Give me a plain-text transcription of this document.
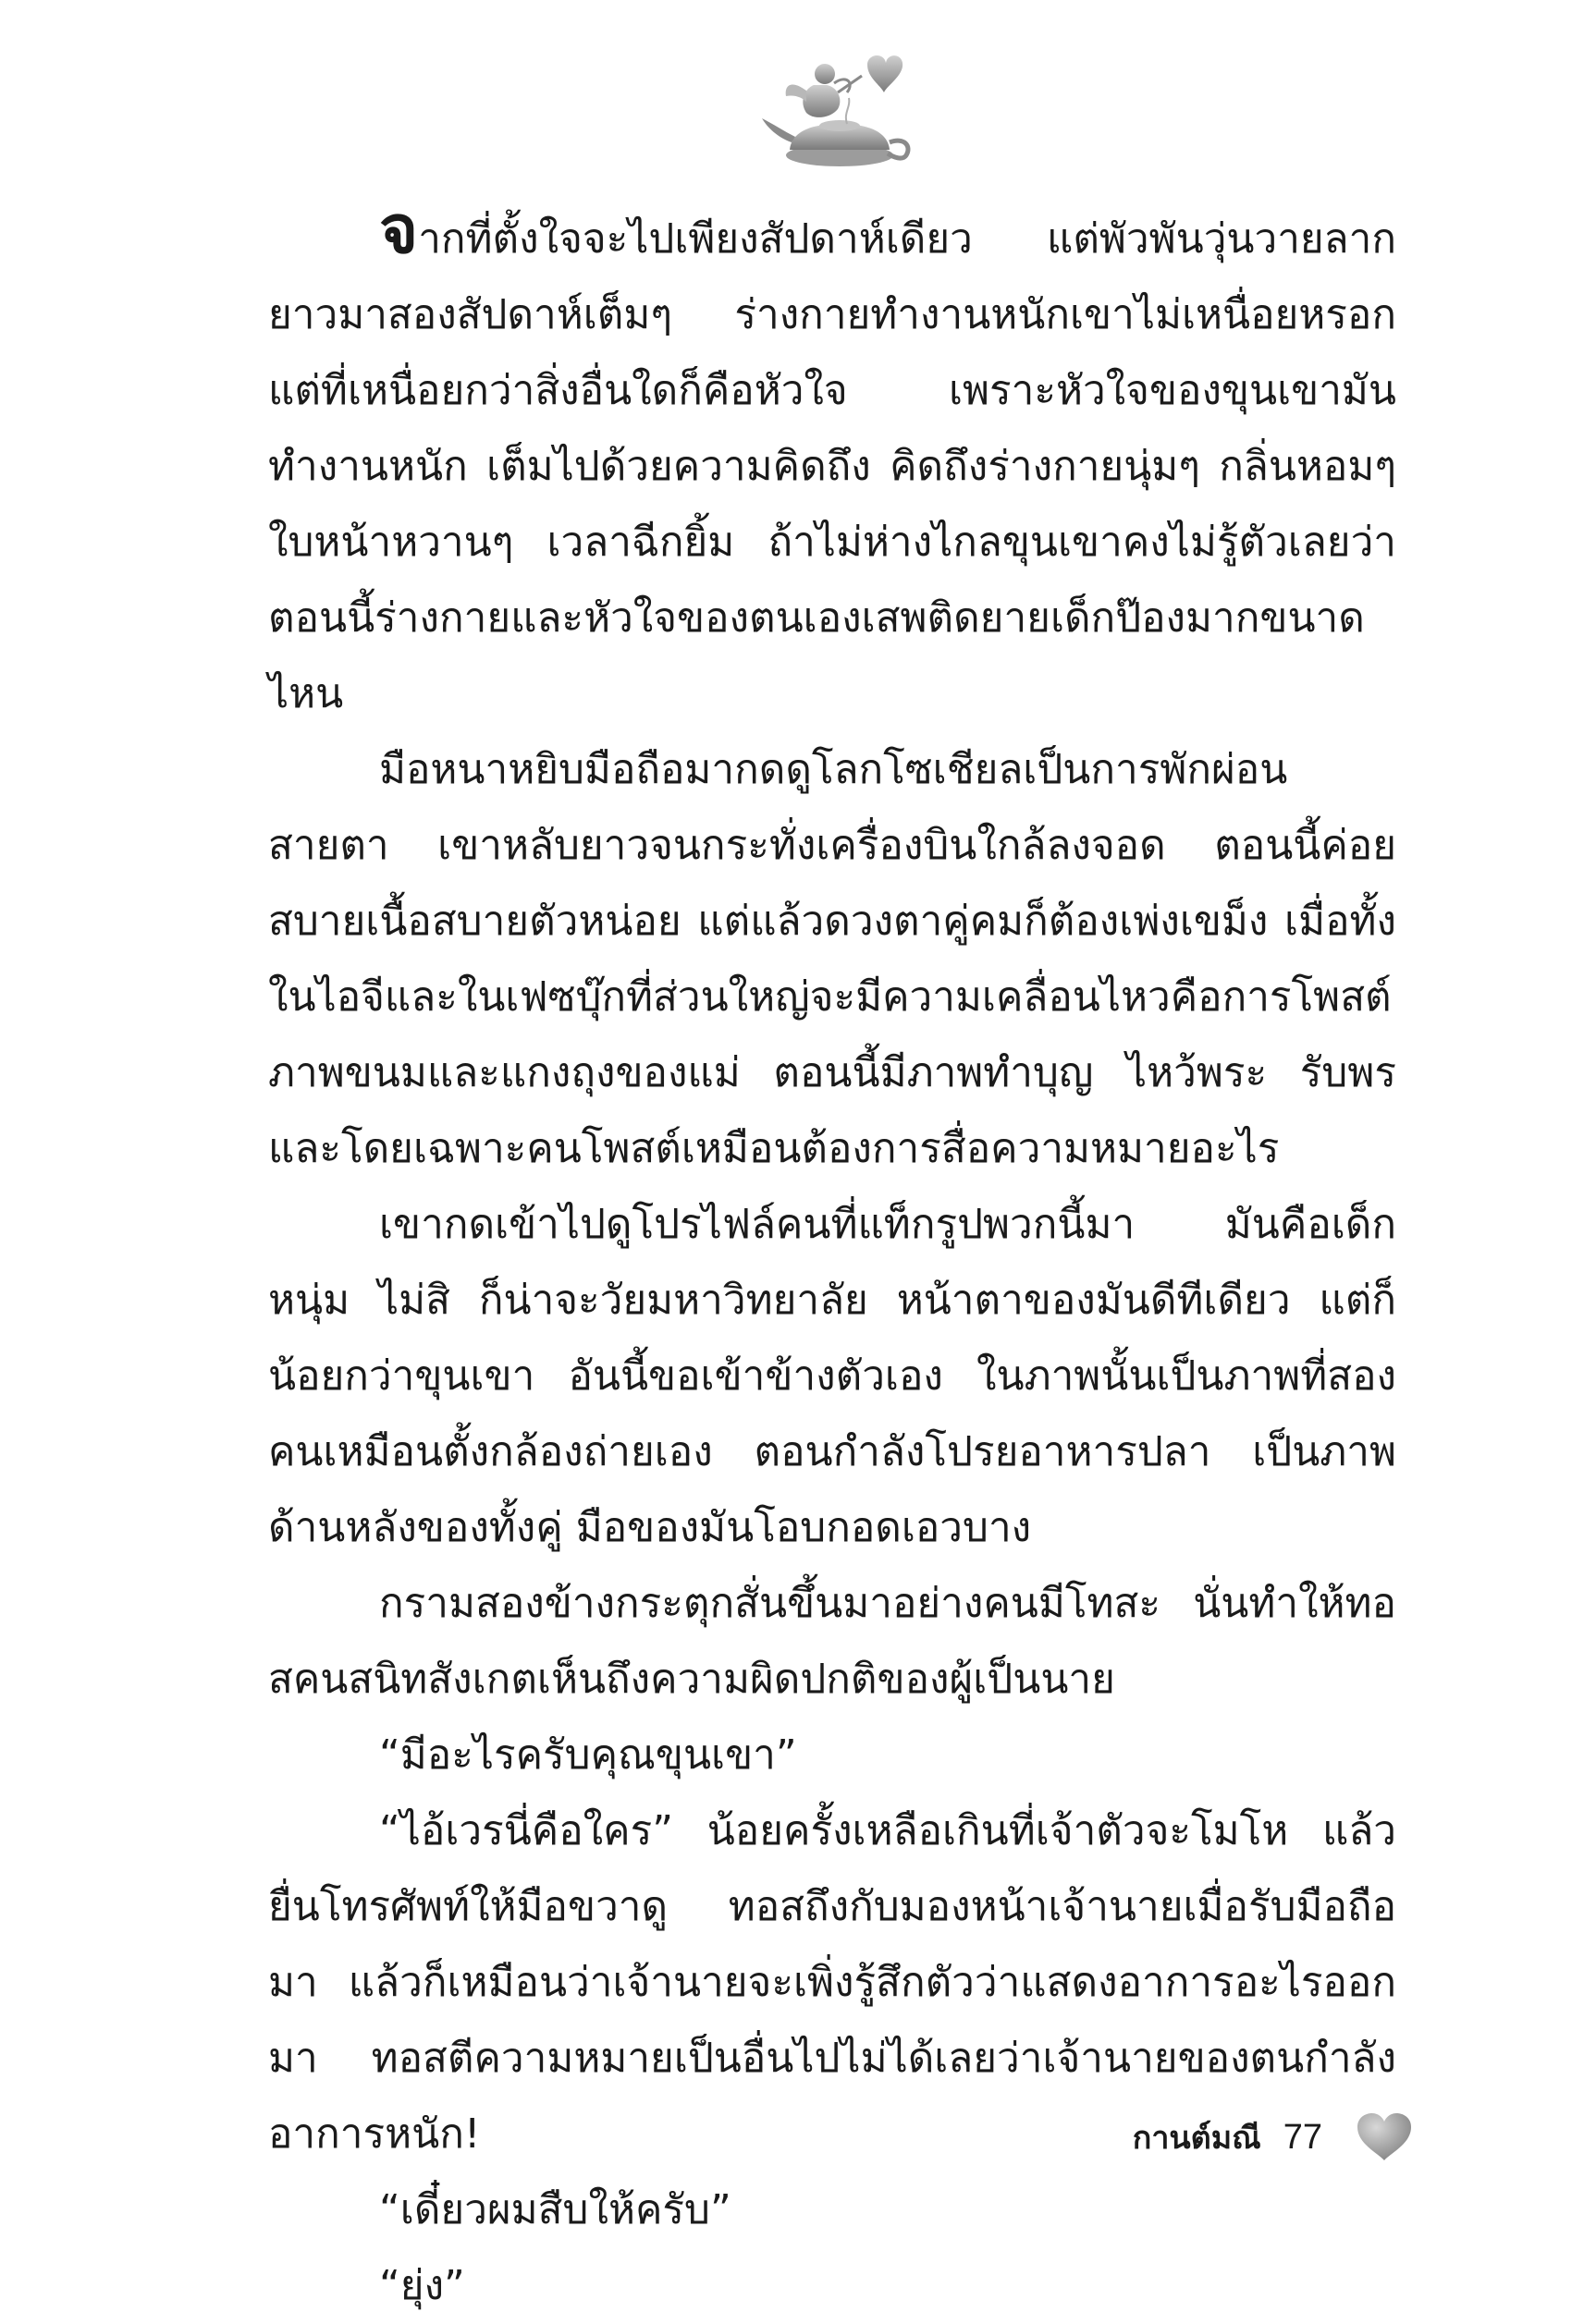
จากที่ตั้งใจจะไปเพียงสัปดาห์เดียว แต่พัวพันวุ่นวายลากยาวมาสองสัปดาห์เต็มๆ ร่างกายทำงานหนักเขาไม่เหนื่อยหรอก แต่ที่เหนื่อยกว่าสิ่งอื่นใดก็คือหัวใจ เพราะหัวใจของขุนเขามันทำงานหนัก เต็มไปด้วยความคิดถึง คิดถึงร่างกายนุ่มๆ กลิ่นหอมๆ ใบหน้าหวานๆ เวลาฉีกยิ้ม ถ้าไม่ห่างไกลขุนเขาคงไม่รู้ตัวเลยว่าตอนนี้ร่างกายและหัวใจของตนเองเสพติดยายเด็กป๊องมากขนาดไหน

มือหนาหยิบมือถือมากดดูโลกโซเชียลเป็นการพักผ่อนสายตา เขาหลับยาวจนกระทั่งเครื่องบินใกล้ลงจอด ตอนนี้ค่อยสบายเนื้อสบายตัวหน่อย แต่แล้วดวงตาคู่คมก็ต้องเพ่งเขม็ง เมื่อทั้งในไอจีและในเฟซบุ๊กที่ส่วนใหญ่จะมีความเคลื่อนไหวคือการโพสต์ภาพขนมและแกงถุงของแม่ ตอนนี้มีภาพทำบุญ ไหว้พระ รับพร และโดยเฉพาะคนโพสต์เหมือนต้องการสื่อความหมายอะไร

เขากดเข้าไปดูโปรไฟล์คนที่แท็กรูปพวกนี้มา มันคือเด็กหนุ่ม ไม่สิ ก็น่าจะวัยมหาวิทยาลัย หน้าตาของมันดีทีเดียว แต่ก็น้อยกว่าขุนเขา อันนี้ขอเข้าข้างตัวเอง ในภาพนั้นเป็นภาพที่สองคนเหมือนตั้งกล้องถ่ายเอง ตอนกำลังโปรยอาหารปลา เป็นภาพด้านหลังของทั้งคู่ มือของมันโอบกอดเอวบาง

กรามสองข้างกระตุกสั่นขึ้นมาอย่างคนมีโทสะ นั่นทำให้ทอสคนสนิทสังเกตเห็นถึงความผิดปกติของผู้เป็นนาย

“มีอะไรครับคุณขุนเขา”

“ไอ้เวรนี่คือใคร” น้อยครั้งเหลือเกินที่เจ้าตัวจะโมโห แล้วยื่นโทรศัพท์ให้มือขวาดู ทอสถึงกับมองหน้าเจ้านายเมื่อรับมือถือมา แล้วก็เหมือนว่าเจ้านายจะเพิ่งรู้สึกตัวว่าแสดงอาการอะไรออกมา ทอสตีความหมายเป็นอื่นไปไม่ได้เลยว่าเจ้านายของตนกำลัง อาการหนัก!

“เดี๋ยวผมสืบให้ครับ”

“ยุ่ง”

กานต์มณี 77
